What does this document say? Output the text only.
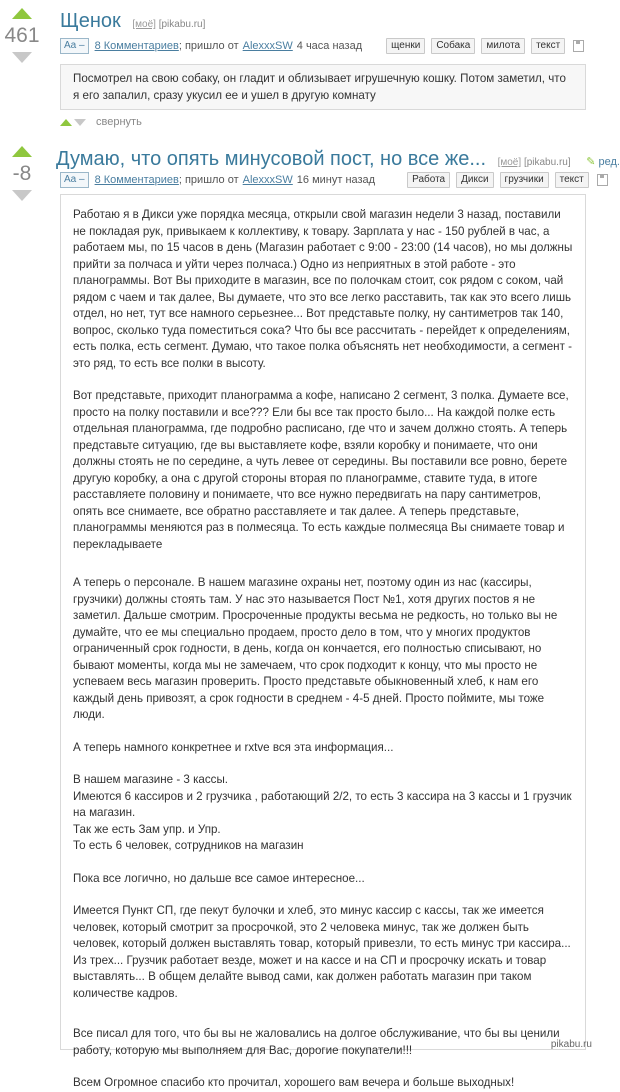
461
Щенок [моё] [pikabu.ru]
Aa – 8 Комментариев ; пришло от AlexxxSW 4 часа назад	щенки	Собака	милота	текст

Посмотрел на свою собаку, он гладит и облизывает игрушечную кошку. Потом заметил, что я его запалил, сразу укусил ее и ушел в другую комнату

свернуть
-8
Думаю, что опять минусовой пост, но все же... [моё] [pikabu.ru] ✎ ред.
Aa – 8 Комментариев ; пришло от AlexxxSW 16 минут назад	Работа	Дикси	грузчики	текст

Работаю я в Дикси уже порядка месяца, открыли свой магазин недели 3 назад, поставили не покладая рук, привыкаем к коллективу, к товару. Зарплата у нас - 150 рублей в час, а работаем мы, по 15 часов в день (Магазин работает с 9:00 - 23:00 (14 часов), но мы должны прийти за полчаса и уйти через полчаса.) Одно из неприятных в этой работе - это планограммы. Вот Вы приходите в магазин, все по полочкам стоит, сок рядом с соком, чай рядом с чаем и так далее, Вы думаете, что это все легко расставить, так как это всего лишь отдел, но нет, тут все намного серьезнее... Вот представьте полку, ну сантиметров так 140, вопрос, сколько туда поместиться сока? Что бы все рассчитать - перейдет к определениям, есть полка, есть сегмент. Думаю, что такое полка объяснять нет необходимости, а сегмент - это ряд, то есть все полки в высоту.

Вот представьте, приходит планограмма а кофе, написано 2 сегмент, 3 полка. Думаете все, просто на полку поставили и все??? Ели бы все так просто было... На каждой полке есть отдельная планограмма, где подробно расписано, где что и зачем должно стоять. А теперь представьте ситуацию, где вы выставляете кофе, взяли коробку и понимаете, что они должны стоять не по середине, а чуть левее от середины. Вы поставили все ровно, берете другую коробку, а она с другой стороны вторая по планограмме, ставите туда, в итоге расставляете половину и понимаете, что все нужно передвигать на пару сантиметров, опять все снимаете, все обратно расставляете и так далее. А теперь представьте, планограммы меняются раз в полмесяца. То есть каждые полмесяца Вы снимаете товар и перекладываете

А теперь о персонале. В нашем магазине охраны нет, поэтому один из нас (кассиры, грузчики) должны стоять там. У нас это называется Пост №1, хотя других постов я не заметил. Дальше смотрим. Просроченные продукты весьма не редкость, но только вы не думайте, что ее мы специально продаем, просто дело в том, что у многих продуктов ограниченный срок годности, в день, когда он кончается, его полностью списывают, но бывают моменты, когда мы не замечаем, что срок подходит к концу, что мы просто не успеваем весь магазин проверить. Просто представьте обыкновенный хлеб, к нам его каждый день привозят, а срок годности в среднем - 4-5 дней. Просто поймите, мы тоже люди.

А теперь намного конкретнее и rxtve вся эта информация...

В нашем магазине - 3 кассы.
Имеются 6 кассиров и 2 грузчика , работающий 2/2, то есть 3 кассира на 3 кассы и 1 грузчик на магазин.
Так же есть Зам упр. и Упр.
То есть 6 человек, сотрудников на магазин

Пока все логично, но дальше все самое интересное...

Имеется Пункт СП, где пекут булочки и хлеб, это минус кассир с кассы, так же имеется человек, который смотрит за просрочкой, это 2 человека минус, так же должен быть человек, который должен выставлять товар, который привезли, то есть минус три кассира... Из трех... Грузчик работает везде, может и на кассе и на СП и просрочку искать и товар выставлять... В общем делайте вывод сами, как должен работать магазин при таком количестве кадров.

Все писал для того, что бы вы не жаловались на долгое обслуживание, что бы вы ценили работу, которую мы выполняем для Вас, дорогие покупатели!!!

Всем Огромное спасибо кто прочитал, хорошего вам вечера и больше выходных!

pikabu.ru
